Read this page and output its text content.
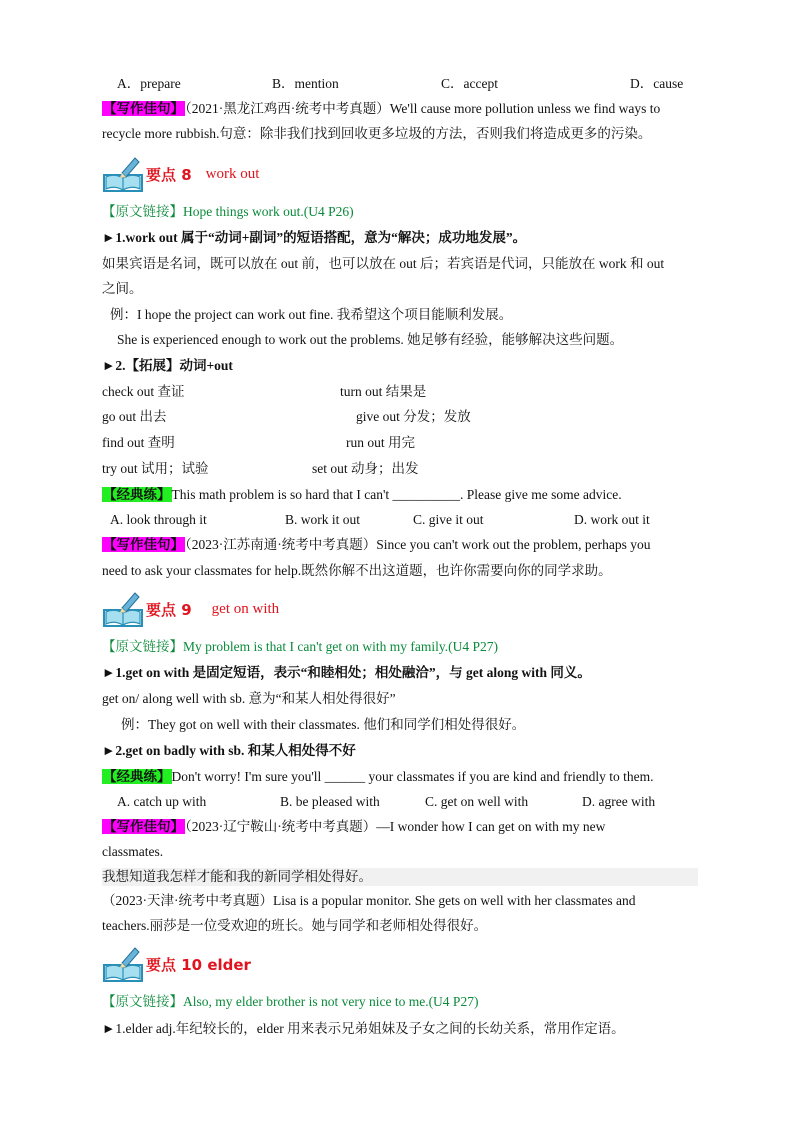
A．prepare	B．mention	C．accept	D．cause
【写作佳句】（2021·黑龙江鸡西·统考中考真题）We'll cause more pollution unless we find ways to
recycle more rubbish.句意：除非我们找到回收更多垃圾的方法，否则我们将造成更多的污染。
要点 8 work out
【原文链接】Hope things work out.(U4 P26)
►1.work out 属于“动词+副词”的短语搭配，意为“解决；成功地发展”。
如果宾语是名词，既可以放在 out 前，也可以放在 out 后；若宾语是代词，只能放在 work 和 out
之间。
例：I hope the project can work out fine. 我希望这个项目能顺利发展。
She is experienced enough to work out the problems. 她足够有经验，能够解决这些问题。
►2.【拓展】动词+out
check out 查证	turn out 结果是
go out 出去	give out 分发；发放
find out 查明	run out 用完
try out 试用；试验	set out 动身；出发
【经典练】This math problem is so hard that I can't __________. Please give me some advice.
A. look through it	B. work it out	C. give it out	D. work out it
【写作佳句】（2023·江苏南通·统考中考真题）Since you can't work out the problem, perhaps you
need to ask your classmates for help.既然你解不出这道题，也许你需要向你的同学求助。
要点 9 get on with
【原文链接】My problem is that I can't get on with my family.(U4 P27)
►1.get on with 是固定短语，表示“和睦相处；相处融洽”，与 get along with 同义。
get on/ along well with sb. 意为“和某人相处得很好”
例：They got on well with their classmates. 他们和同学们相处得很好。
►2.get on badly with sb. 和某人相处得不好
【经典练】Don't worry! I'm sure you'll ______ your classmates if you are kind and friendly to them.
A. catch up with	B. be pleased with	C. get on well with	D. agree with
【写作佳句】（2023·辽宁鞍山·统考中考真题）—I wonder how I can get on with my new
classmates.
我想知道我怎样才能和我的新同学相处得好。
（2023·天津·统考中考真题）Lisa is a popular monitor. She gets on well with her classmates and
teachers.丽莎是一位受欢迎的班长。她与同学和老师相处得很好。
要点 10 elder
【原文链接】Also, my elder brother is not very nice to me.(U4 P27)
►1.elder adj.年纪较长的，elder 用来表示兄弟姐妹及子女之间的长幼关系，常用作定语。
